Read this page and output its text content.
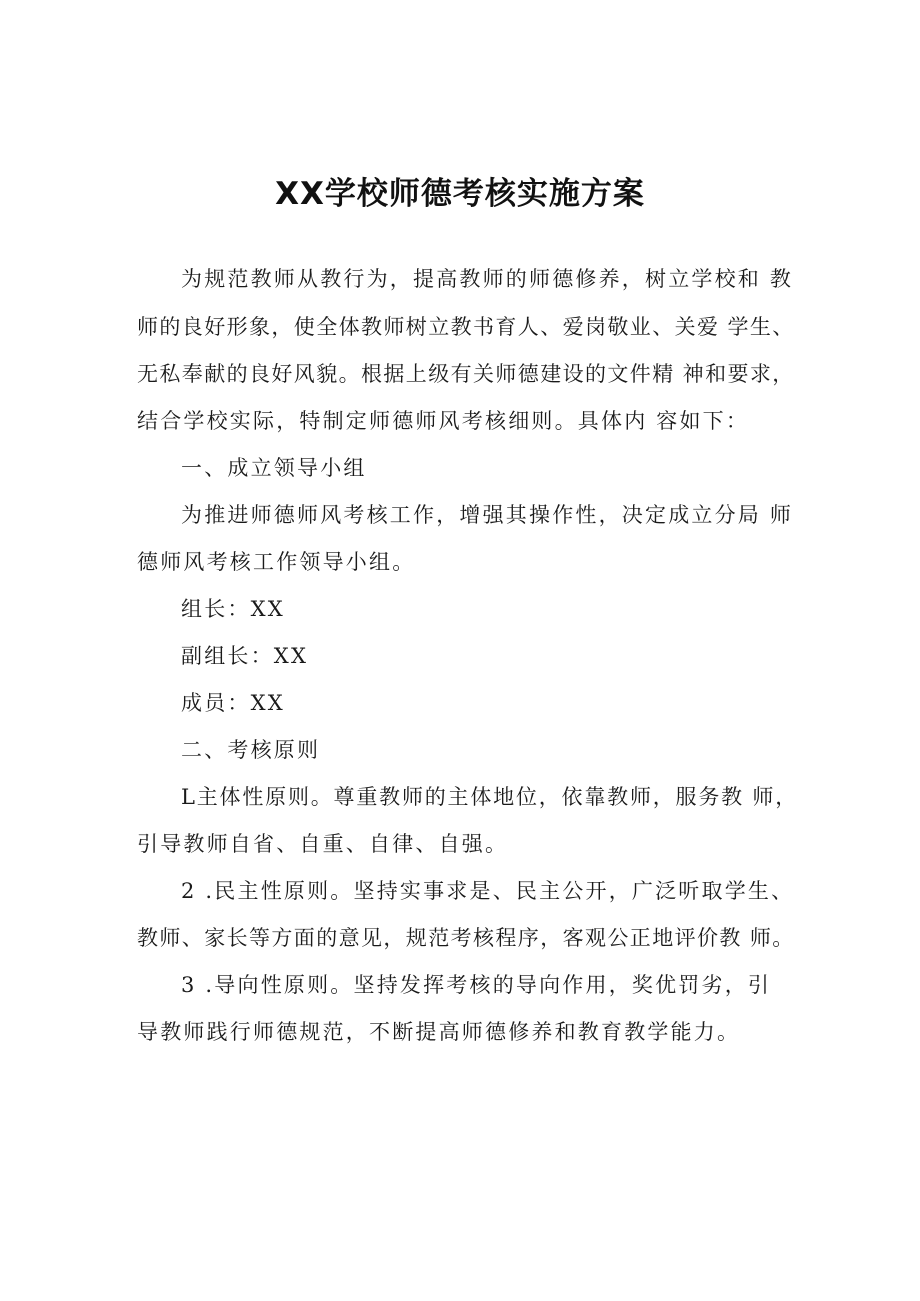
XX学校师德考核实施方案
为规范教师从教行为，提高教师的师德修养，树立学校和 教
师的良好形象，使全体教师树立教书育人、爱岗敬业、关爱 学生、
无私奉献的良好风貌。根据上级有关师德建设的文件精 神和要求，
结合学校实际，特制定师德师风考核细则。具体内 容如下：
一、成立领导小组
为推进师德师风考核工作，增强其操作性，决定成立分局 师
德师风考核工作领导小组。
组长：XX
副组长：XX
成员：XX
二、考核原则
L主体性原则。尊重教师的主体地位，依靠教师，服务教 师，
引导教师自省、自重、自律、自强。
2 .民主性原则。坚持实事求是、民主公开，广泛听取学生、
教师、家长等方面的意见，规范考核程序，客观公正地评价教 师。
3 .导向性原则。坚持发挥考核的导向作用，奖优罚劣，引
导教师践行师德规范，不断提高师德修养和教育教学能力。
